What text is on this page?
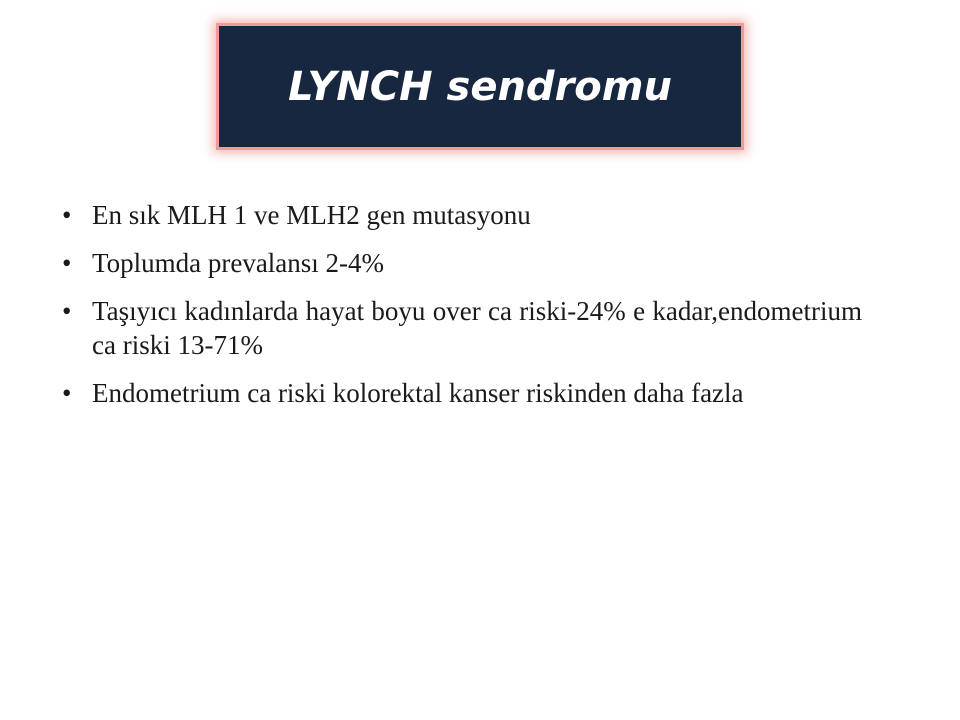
LYNCH sendromu
• En sık MLH 1 ve MLH2 gen mutasyonu
• Toplumda prevalansı 2-4%
• Taşıyıcı kadınlarda hayat boyu over ca riski-24% e kadar,endometrium ca riski 13-71%
• Endometrium ca riski kolorektal kanser riskinden daha fazla
